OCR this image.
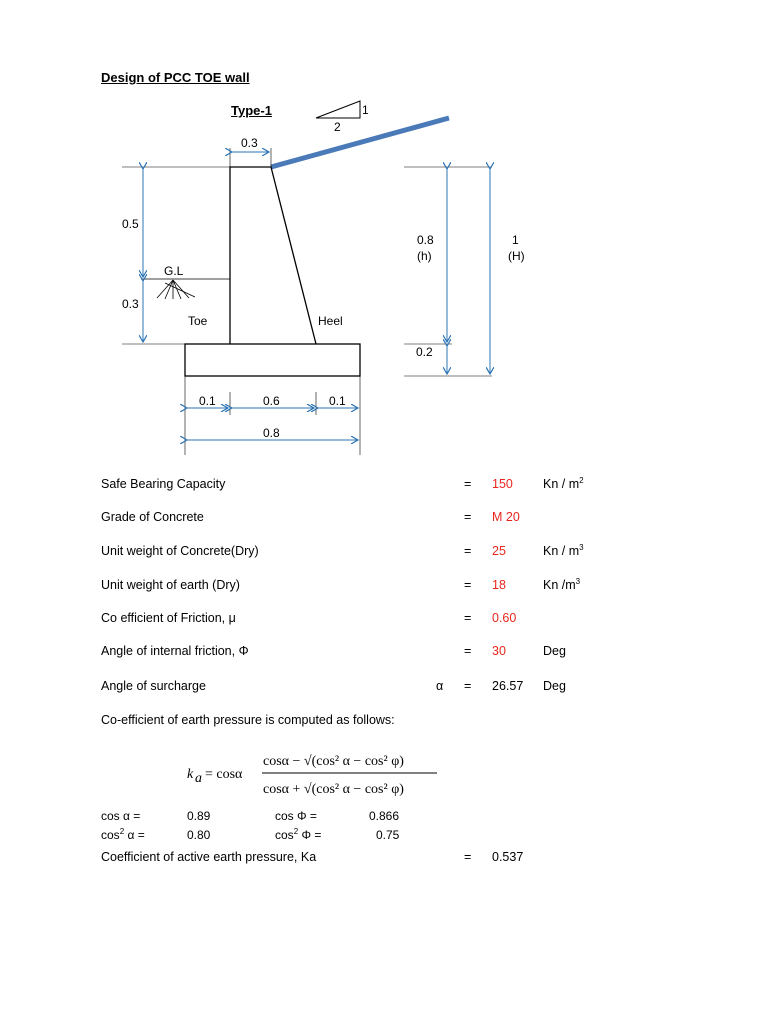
Design of PCC TOE wall
Type-1	1
2
G.L
Toe	Heel
0.5
0.3
0.3
0.8
(h)
1
(H)
0.2
0.1	0.6	0.1
0.8
Safe Bearing Capacity	= 150 Kn / $m^2$
Grade of Concrete	= M 20
Unit weight of Concrete(Dry)	= 25	Kn / $m^3$
Unit weight of earth (Dry)	= 18	Kn $/m^3$
Co efficient of Friction, μ	= 0.60
Angle of internal friction, Φ	= 30	Deg
Angle of surcharge	α = 26.57 Deg
Co-efficient of earth pressure is computed as follows:
k a = cosα
cosα − √(cos² α − cos² φ)
cosα + √(cos² α − cos² φ)
cos α =	0.89	cos Φ =	0.866
$\cos^2 \alpha$ =	0.80	$\cos^2 \Phi$ =	0.75
Coefficient of active earth pressure, Ka	= 0.537
